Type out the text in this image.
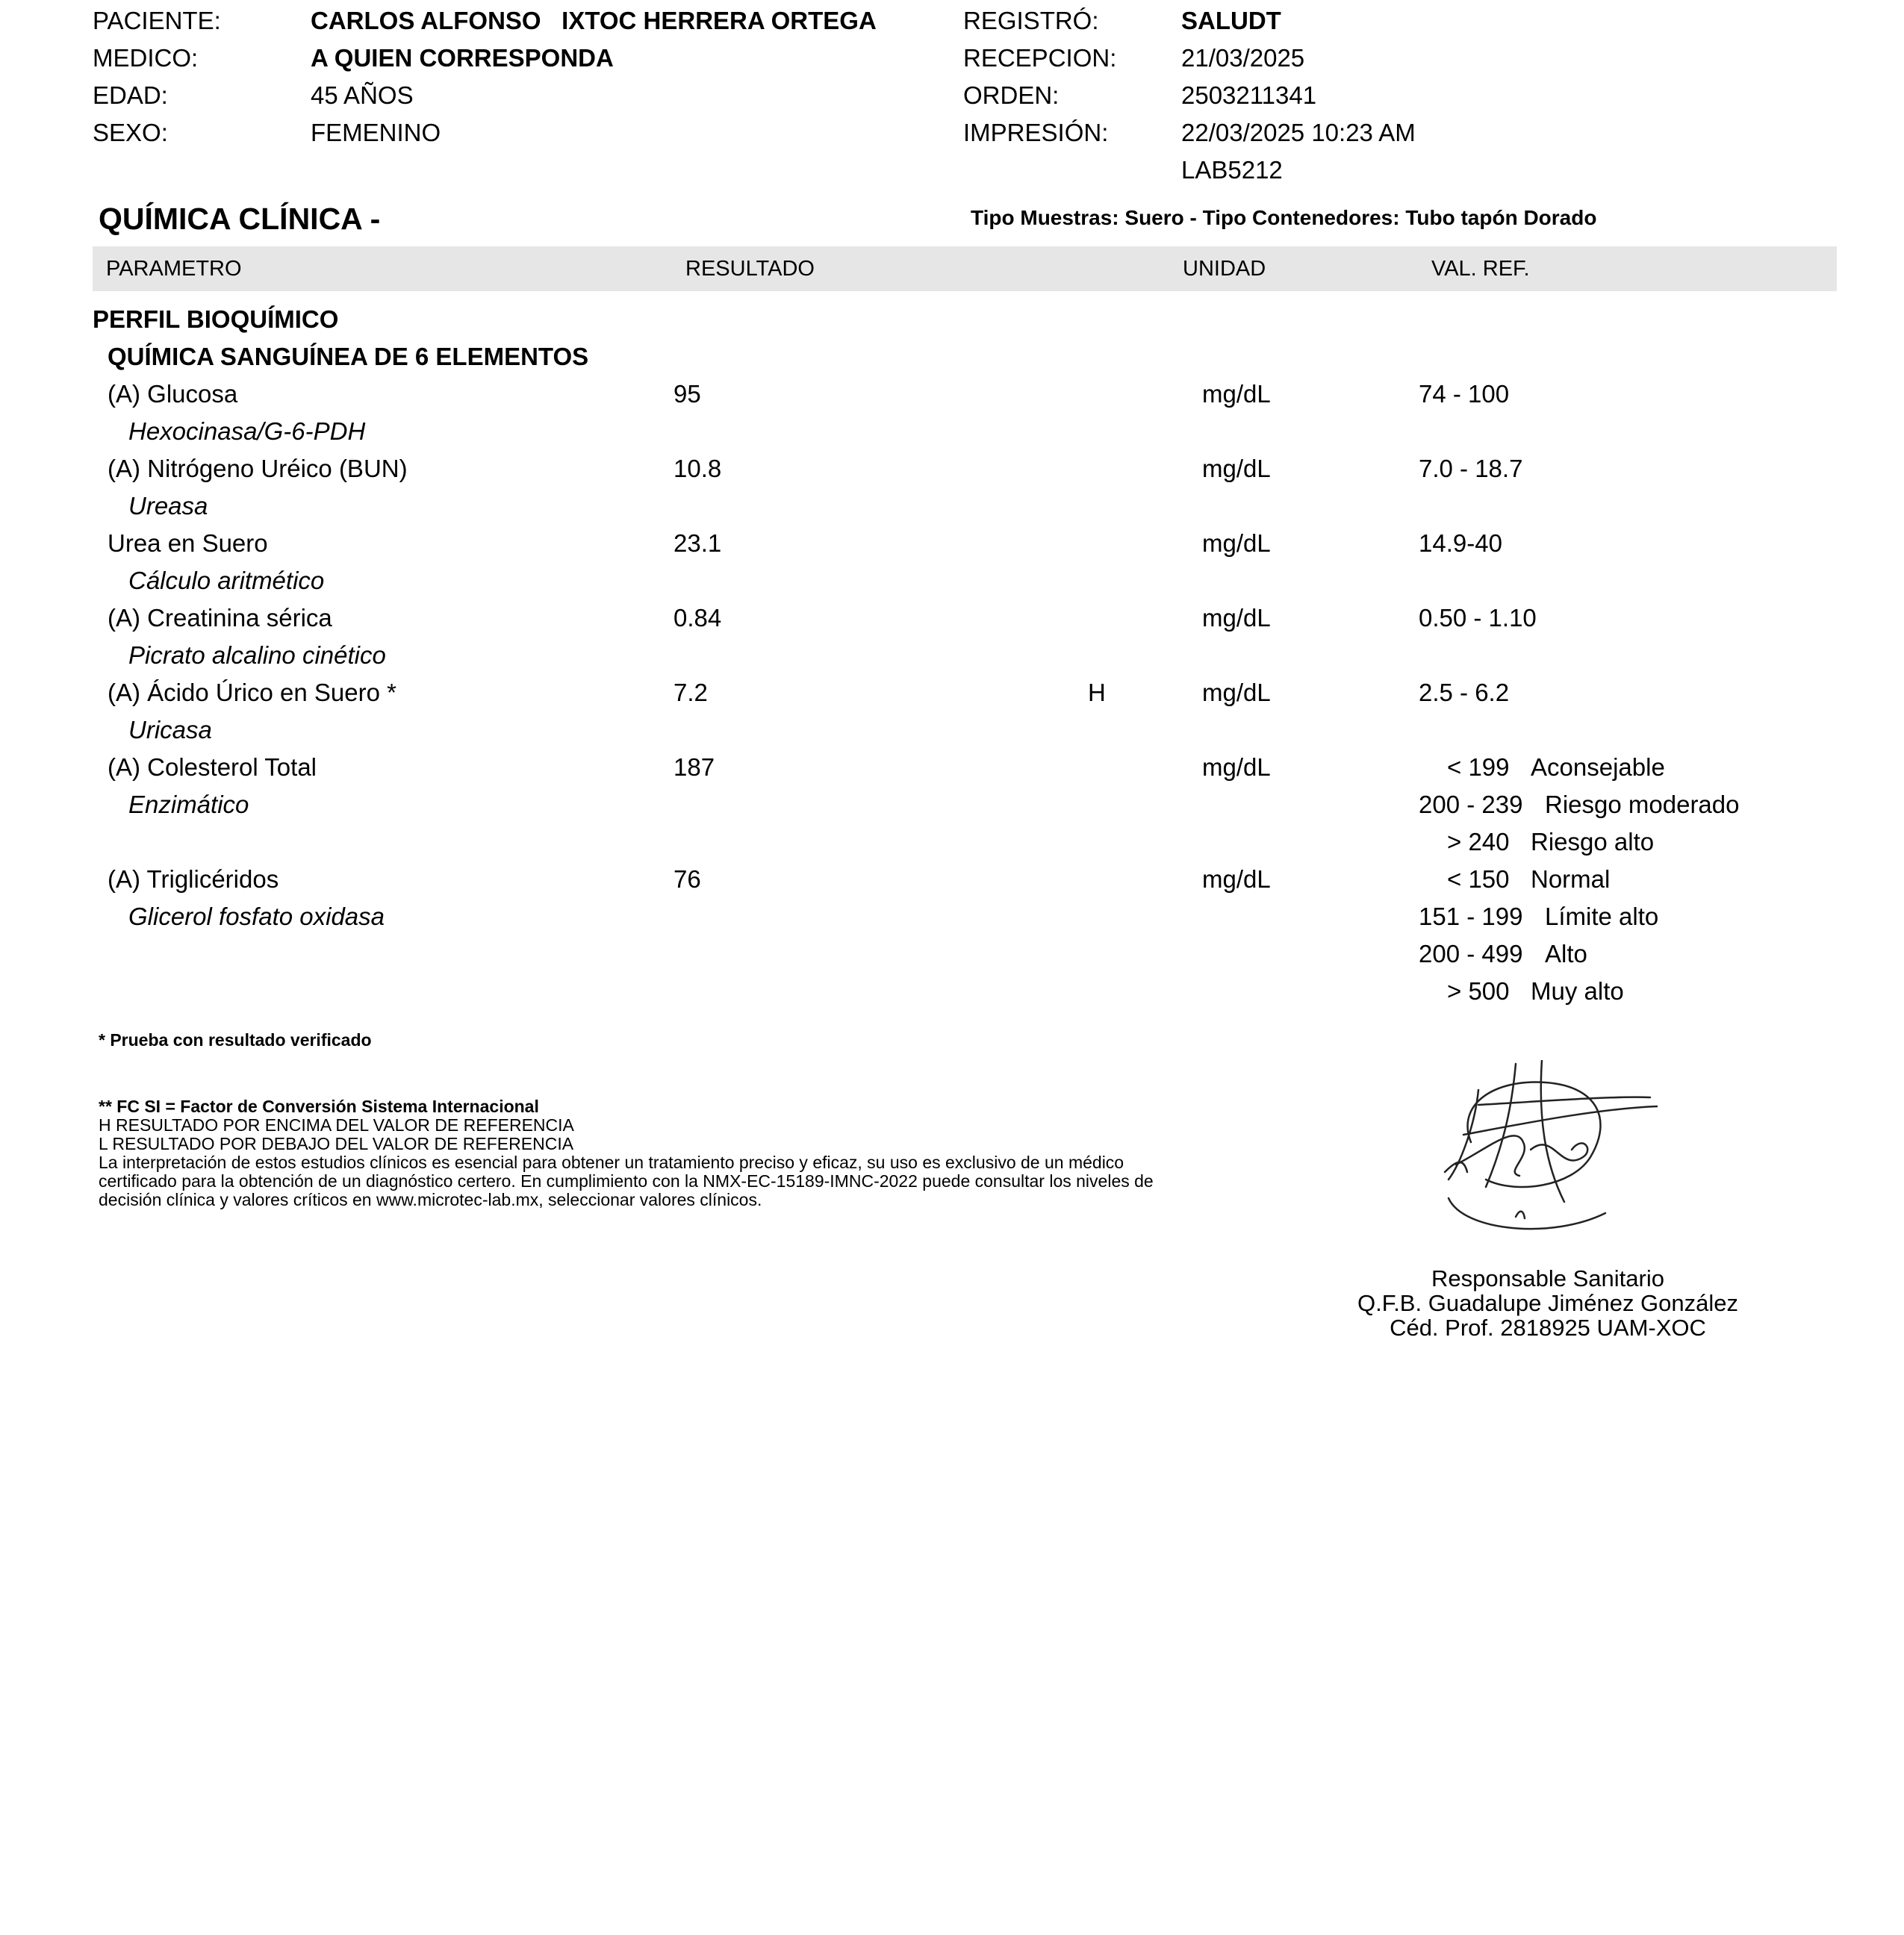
PACIENTE:	CARLOS ALFONSO   IXTOC HERRERA ORTEGA
MEDICO:	A QUIEN CORRESPONDA
EDAD:	45 AÑOS
SEXO:	FEMENINO
REGISTRÓ:	SALUDT
RECEPCION:	21/03/2025
ORDEN:	2503211341
IMPRESIÓN:	22/03/2025 10:23 AM
LAB5212
QUÍMICA CLÍNICA -	Tipo Muestras: Suero - Tipo Contenedores: Tubo tapón Dorado
PARAMETRO	RESULTADO	UNIDAD	VAL. REF.
PERFIL BIOQUÍMICO
QUÍMICA SANGUÍNEA DE 6 ELEMENTOS
(A) Glucosa	95	mg/dL	74 - 100
Hexocinasa/G-6-PDH
(A) Nitrógeno Uréico (BUN)	10.8	mg/dL	7.0 - 18.7
Ureasa
Urea en Suero	23.1	mg/dL	14.9-40
Cálculo aritmético
(A) Creatinina sérica	0.84	mg/dL	0.50 - 1.10
Picrato alcalino cinético
(A) Ácido Úrico en Suero *	7.2	H	mg/dL	2.5 - 6.2
Uricasa
(A) Colesterol Total	187	mg/dL	< 199 Aconsejable
Enzimático	200 - 239 Riesgo moderado
> 240 Riesgo alto
(A) Triglicéridos	76	mg/dL	< 150 Normal
Glicerol fosfato oxidasa	151 - 199 Límite alto
200 - 499 Alto
> 500 Muy alto
* Prueba con resultado verificado
** FC SI = Factor de Conversión Sistema Internacional
H RESULTADO POR ENCIMA DEL VALOR DE REFERENCIA
L RESULTADO POR DEBAJO DEL VALOR DE REFERENCIA
La interpretación de estos estudios clínicos es esencial para obtener un tratamiento preciso y eficaz, su uso es exclusivo de un médico
certificado para la obtención de un diagnóstico certero. En cumplimiento con la NMX-EC-15189-IMNC-2022 puede consultar los niveles de
decisión clínica y valores críticos en www.microtec-lab.mx, seleccionar valores clínicos.
Responsable Sanitario
Q.F.B. Guadalupe Jiménez González
Céd. Prof. 2818925 UAM-XOC
